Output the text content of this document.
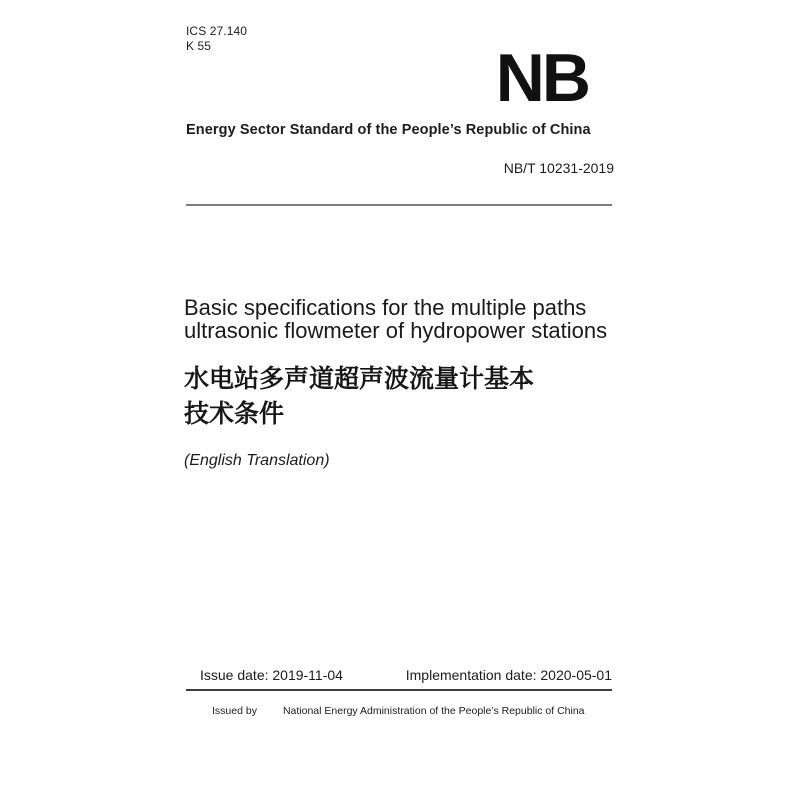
ICS 27.140
K 55	NB
Energy Sector Standard of the People’s Republic of China
NB/T 10231-2019
Basic specifications for the multiple paths
ultrasonic flowmeter of hydropower stations
水电站多声道超声波流量计基本
技术条件
(English Translation)
Issue date: 2019-11-04	Implementation date: 2020-05-01
Issued by National Energy Administration of the People’s Republic of China
